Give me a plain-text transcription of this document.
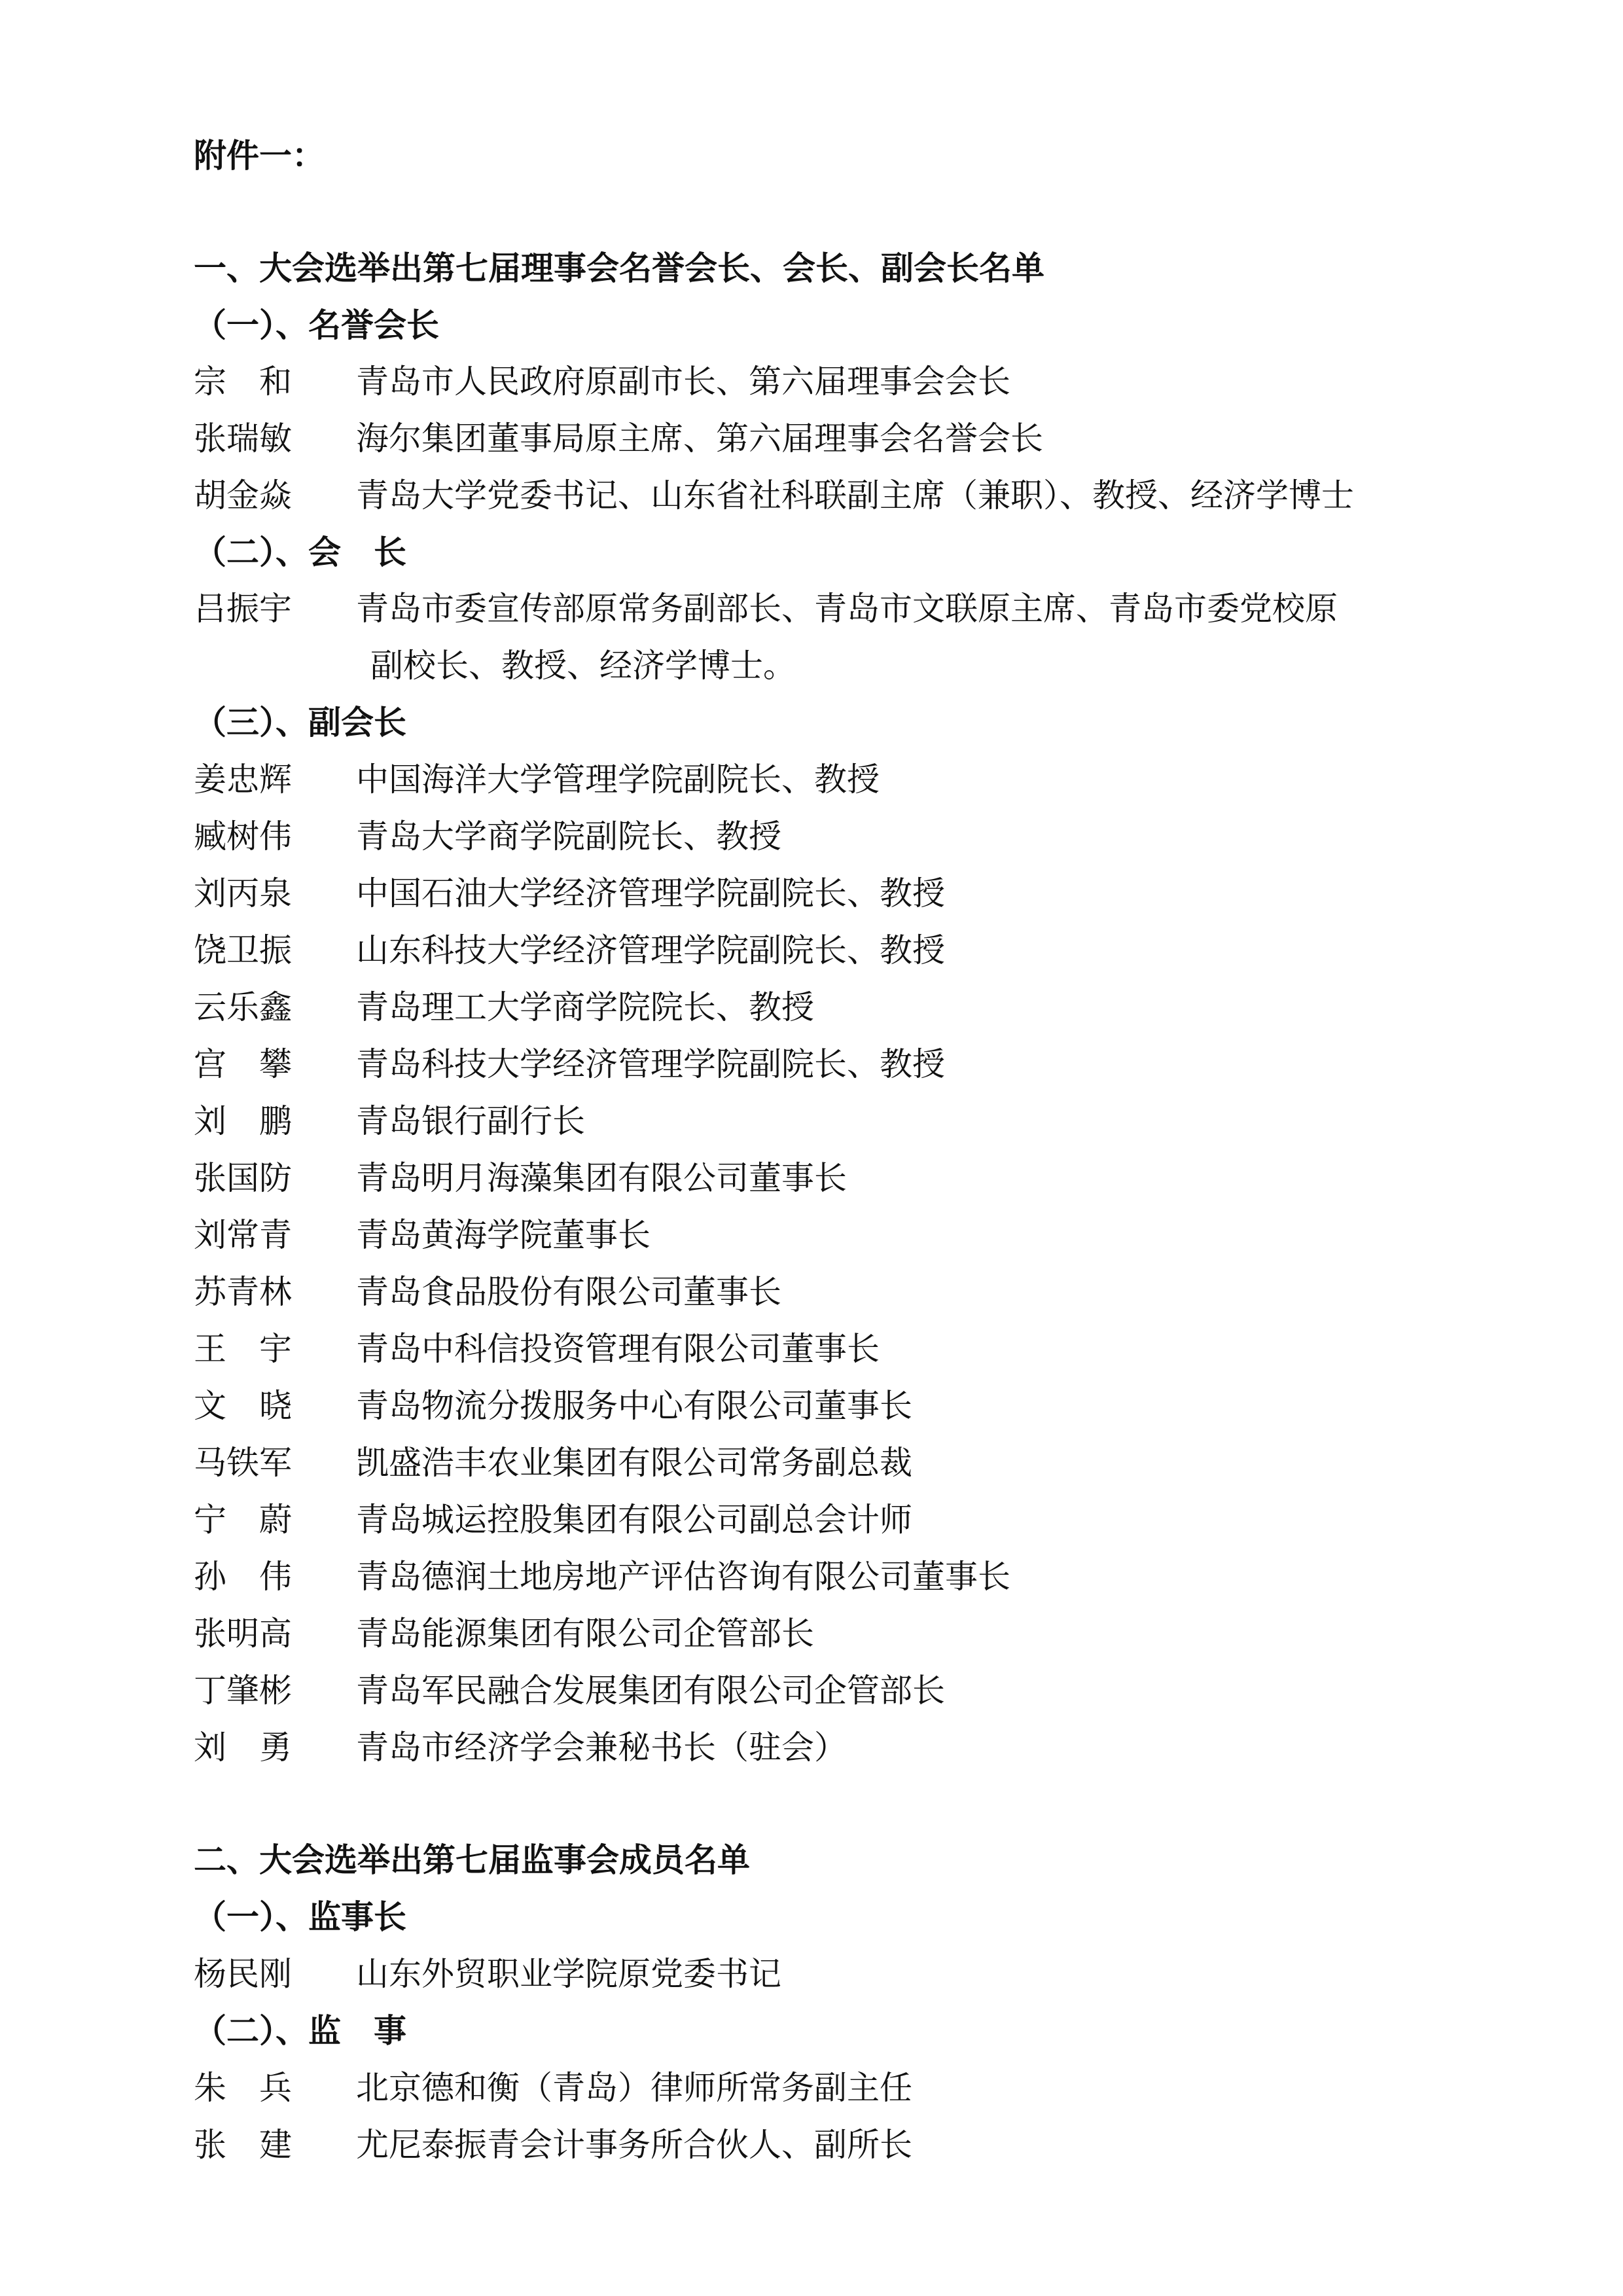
附件一：
一、大会选举出第七届理事会名誉会长、会长、副会长名单
（一）、名誉会长
宗　和 青岛市人民政府原副市长、第六届理事会会长
张瑞敏 海尔集团董事局原主席、第六届理事会名誉会长
胡金焱 青岛大学党委书记、山东省社科联副主席（兼职）、教授、经济学博士
（二）、会　长
吕振宇 青岛市委宣传部原常务副部长、青岛市文联原主席、青岛市委党校原
副校长、教授、经济学博士。
（三）、副会长
姜忠辉 中国海洋大学管理学院副院长、教授
臧树伟 青岛大学商学院副院长、教授
刘丙泉 中国石油大学经济管理学院副院长、教授
饶卫振 山东科技大学经济管理学院副院长、教授
云乐鑫 青岛理工大学商学院院长、教授
宫　攀 青岛科技大学经济管理学院副院长、教授
刘　鹏 青岛银行副行长
张国防 青岛明月海藻集团有限公司董事长
刘常青 青岛黄海学院董事长
苏青林 青岛食品股份有限公司董事长
王　宇 青岛中科信投资管理有限公司董事长
文　晓 青岛物流分拨服务中心有限公司董事长
马铁军 凯盛浩丰农业集团有限公司常务副总裁
宁　蔚 青岛城运控股集团有限公司副总会计师
孙　伟 青岛德润土地房地产评估咨询有限公司董事长
张明高 青岛能源集团有限公司企管部长
丁肇彬 青岛军民融合发展集团有限公司企管部长
刘　勇 青岛市经济学会兼秘书长（驻会）
二、大会选举出第七届监事会成员名单
（一）、监事长
杨民刚 山东外贸职业学院原党委书记
（二）、监　事
朱　兵 北京德和衡（青岛）律师所常务副主任
张　建 尤尼泰振青会计事务所合伙人、副所长
